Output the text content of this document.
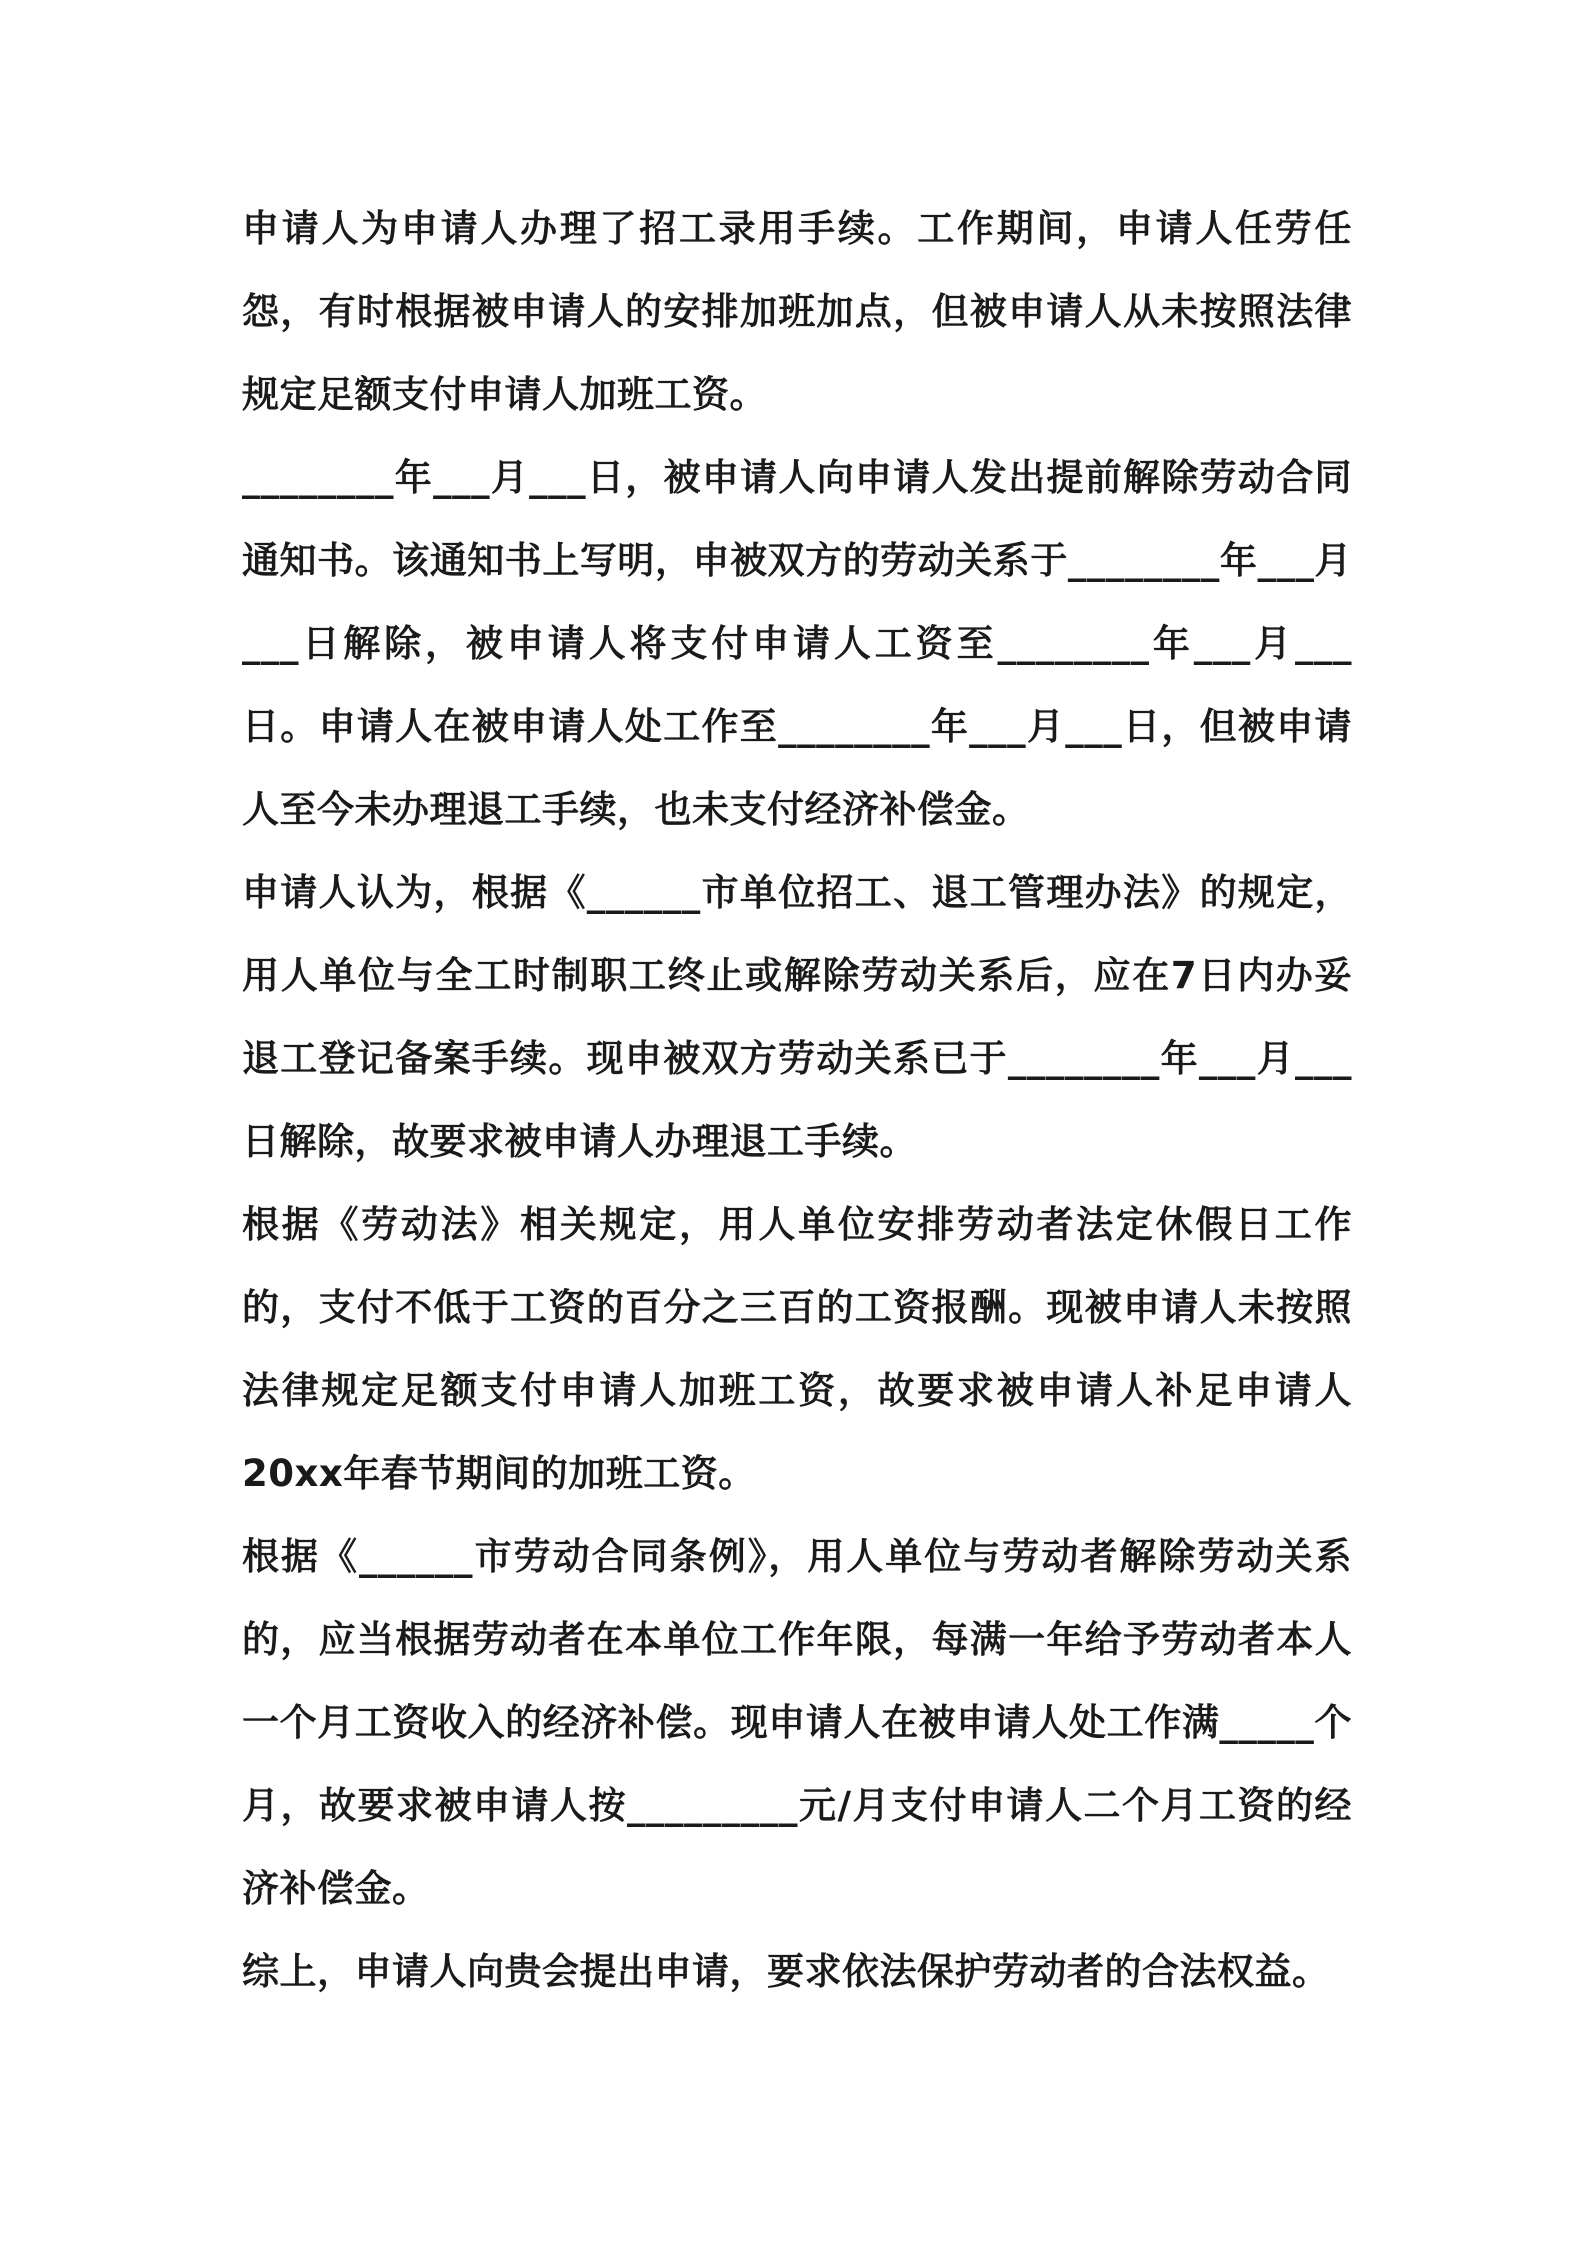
申请人为申请人办理了招工录用手续。工作期间，申请人任劳任怨，有时根据被申请人的安排加班加点，但被申请人从未按照法律规定足额支付申请人加班工资。

________年___月___日，被申请人向申请人发出提前解除劳动合同通知书。该通知书上写明，申被双方的劳动关系于________年___月___日解除，被申请人将支付申请人工资至________年___月___日。申请人在被申请人处工作至________年___月___日，但被申请人至今未办理退工手续，也未支付经济补偿金。

申请人认为，根据《______市单位招工、退工管理办法》的规定，用人单位与全工时制职工终止或解除劳动关系后，应在7日内办妥退工登记备案手续。现申被双方劳动关系已于________年___月___日解除，故要求被申请人办理退工手续。

根据《劳动法》相关规定，用人单位安排劳动者法定休假日工作的，支付不低于工资的百分之三百的工资报酬。现被申请人未按照法律规定足额支付申请人加班工资，故要求被申请人补足申请人20xx年春节期间的加班工资。

根据《______市劳动合同条例》，用人单位与劳动者解除劳动关系的，应当根据劳动者在本单位工作年限，每满一年给予劳动者本人一个月工资收入的经济补偿。现申请人在被申请人处工作满_____个月，故要求被申请人按_________元/月支付申请人二个月工资的经济补偿金。

综上，申请人向贵会提出申请，要求依法保护劳动者的合法权益。
